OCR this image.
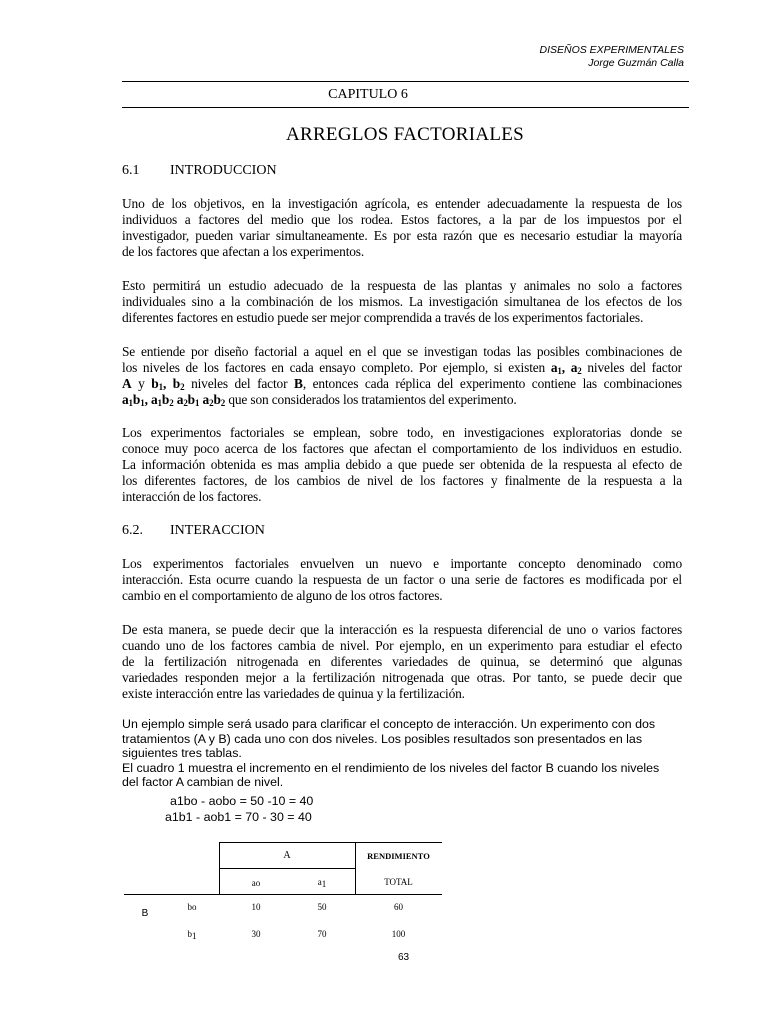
DISEÑOS EXPERIMENTALES
Jorge Guzmán Calla
CAPITULO 6
ARREGLOS FACTORIALES
6.1 INTRODUCCION
Uno de los objetivos, en la investigación agrícola, es entender adecuadamente la respuesta de los
individuos a factores del medio que los rodea. Estos factores, a la par de los impuestos por el
investigador, pueden variar simultaneamente. Es por esta razón que es necesario estudiar la mayoría
de los factores que afectan a los experimentos.
Esto permitirá un estudio adecuado de la respuesta de las plantas y animales no solo a factores
individuales sino a la combinación de los mismos. La investigación simultanea de los efectos de los
diferentes factores en estudio puede ser mejor comprendida a través de los experimentos factoriales.
Se entiende por diseño factorial a aquel en el que se investigan todas las posibles combinaciones de
los niveles de los factores en cada ensayo completo. Por ejemplo, si existen $a_1$, $a_2$ niveles del factor
A y $b_1$, $b_2$ niveles del factor B, entonces cada réplica del experimento contiene las combinaciones
$a_1b_1$, $a_1b_2$ $a_2b_1$ $a_2b_2$ que son considerados los tratamientos del experimento.
Los experimentos factoriales se emplean, sobre todo, en investigaciones exploratorias donde se
conoce muy poco acerca de los factores que afectan el comportamiento de los individuos en estudio.
La información obtenida es mas amplia debido a que puede ser obtenida de la respuesta al efecto de
los diferentes factores, de los cambios de nivel de los factores y finalmente de la respuesta a la
interacción de los factores.
6.2. INTERACCION
Los experimentos factoriales envuelven un nuevo e importante concepto denominado como
interacción. Esta ocurre cuando la respuesta de un factor o una serie de factores es modificada por el
cambio en el comportamiento de alguno de los otros factores.
De esta manera, se puede decir que la interacción es la respuesta diferencial de uno o varios factores
cuando uno de los factores cambia de nivel. Por ejemplo, en un experimento para estudiar el efecto
de la fertilización nitrogenada en diferentes variedades de quinua, se determinó que algunas
variedades responden mejor a la fertilización nitrogenada que otras. Por tanto, se puede decir que
existe interacción entre las variedades de quinua y la fertilización.
Un ejemplo simple será usado para clarificar el concepto de interacción. Un experimento con dos
tratamientos (A y B) cada uno con dos niveles. Los posibles resultados son presentados en las
siguientes tres tablas.
El cuadro 1 muestra el incremento en el rendimiento de los niveles del factor B cuando los niveles
del factor A cambian de nivel.
a1bo - aobo = 50 -10 = 40
a1b1 - aob1 = 70 - 30 = 40
A	RENDIMIENTO
ao	$a_1$	TOTAL
B
bo	10	50	60
$b_1$	30	70	100
63
